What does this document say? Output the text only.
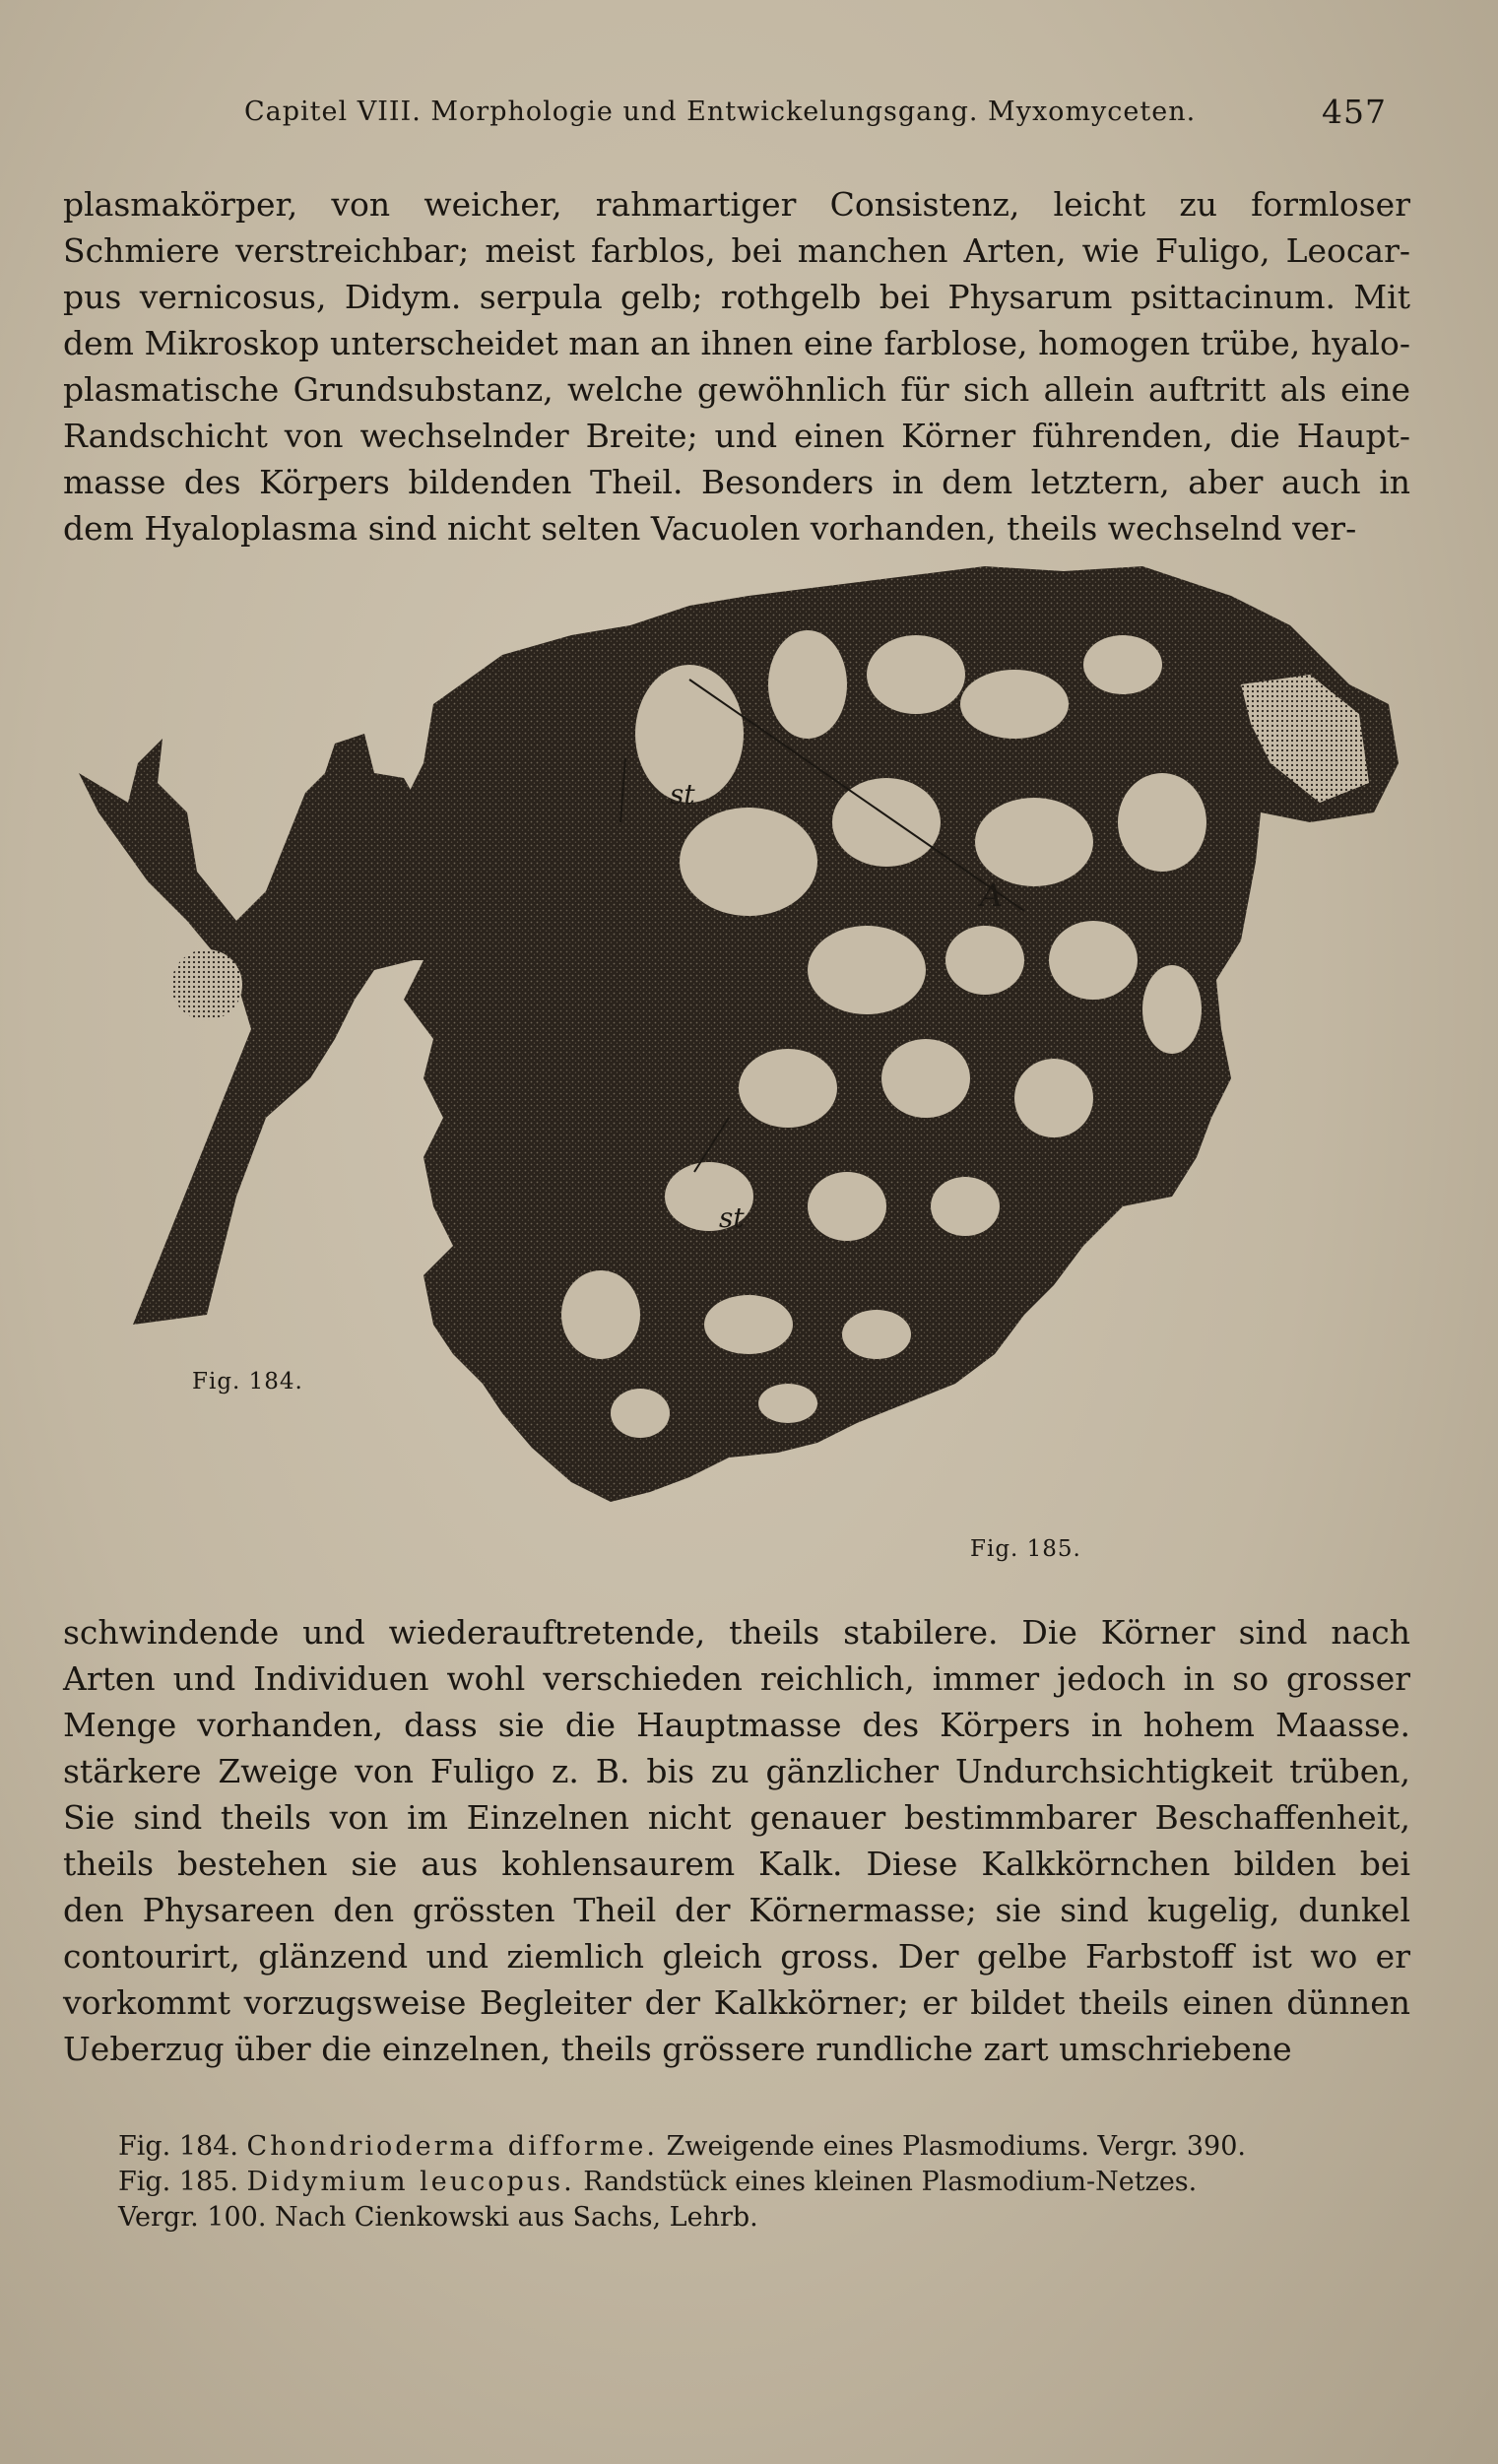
Capitel VIII. Morphologie und Entwickelungsgang. Myxomyceten.	457
plasmakörper, von weicher, rahmartiger Consistenz, leicht zu formloser
Schmiere verstreichbar; meist farblos, bei manchen Arten, wie Fuligo, Leocar-
pus vernicosus, Didym. serpula gelb; rothgelb bei Physarum psittacinum. Mit
dem Mikroskop unterscheidet man an ihnen eine farblose, homogen trübe, hyalo-
plasmatische Grundsubstanz, welche gewöhnlich für sich allein auftritt als eine
Randschicht von wechselnder Breite; und einen Körner führenden, die Haupt-
masse des Körpers bildenden Theil. Besonders in dem letztern, aber auch in
dem Hyaloplasma sind nicht selten Vacuolen vorhanden, theils wechselnd ver-
st
st
A
Fig. 184.
Fig. 185.
schwindende und wiederauftretende, theils stabilere. Die Körner sind nach
Arten und Individuen wohl verschieden reichlich, immer jedoch in so grosser
Menge vorhanden, dass sie die Hauptmasse des Körpers in hohem Maasse.
stärkere Zweige von Fuligo z. B. bis zu gänzlicher Undurchsichtigkeit trüben,
Sie sind theils von im Einzelnen nicht genauer bestimmbarer Beschaffenheit,
theils bestehen sie aus kohlensaurem Kalk. Diese Kalkkörnchen bilden bei
den Physareen den grössten Theil der Körnermasse; sie sind kugelig, dunkel
contourirt, glänzend und ziemlich gleich gross. Der gelbe Farbstoff ist wo er
vorkommt vorzugsweise Begleiter der Kalkkörner; er bildet theils einen dünnen
Ueberzug über die einzelnen, theils grössere rundliche zart umschriebene
Fig. 184. Chondrioderma difforme. Zweigende eines Plasmodiums. Vergr. 390.
Fig. 185. Didymium leucopus. Randstück eines kleinen Plasmodium-Netzes.
Vergr. 100. Nach Cienkowski aus Sachs, Lehrb.
